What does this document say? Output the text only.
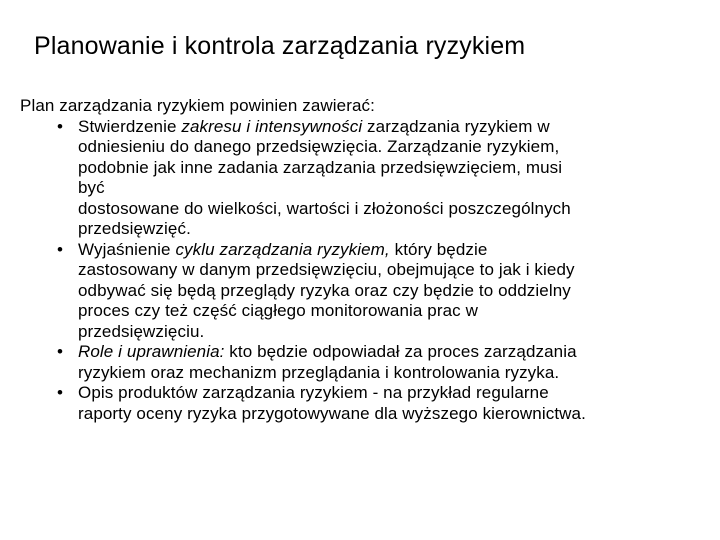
Planowanie i kontrola zarządzania ryzykiem

Plan zarządzania ryzykiem powinien zawierać:

• Stwierdzenie zakresu i intensywności zarządzania ryzykiem w
odniesieniu do danego przedsięwzięcia. Zarządzanie ryzykiem,
podobnie jak inne zadania zarządzania przedsięwzięciem, musi
być
dostosowane do wielkości, wartości i złożoności poszczególnych
przedsięwzięć.
• Wyjaśnienie cyklu zarządzania ryzykiem, który będzie
zastosowany w danym przedsięwzięciu, obejmujące to jak i kiedy
odbywać się będą przeglądy ryzyka oraz czy będzie to oddzielny
proces czy też część ciągłego monitorowania prac w
przedsięwzięciu.
• Role i uprawnienia: kto będzie odpowiadał za proces zarządzania
ryzykiem oraz mechanizm przeglądania i kontrolowania ryzyka.
• Opis produktów zarządzania ryzykiem - na przykład regularne
raporty oceny ryzyka przygotowywane dla wyższego kierownictwa.
